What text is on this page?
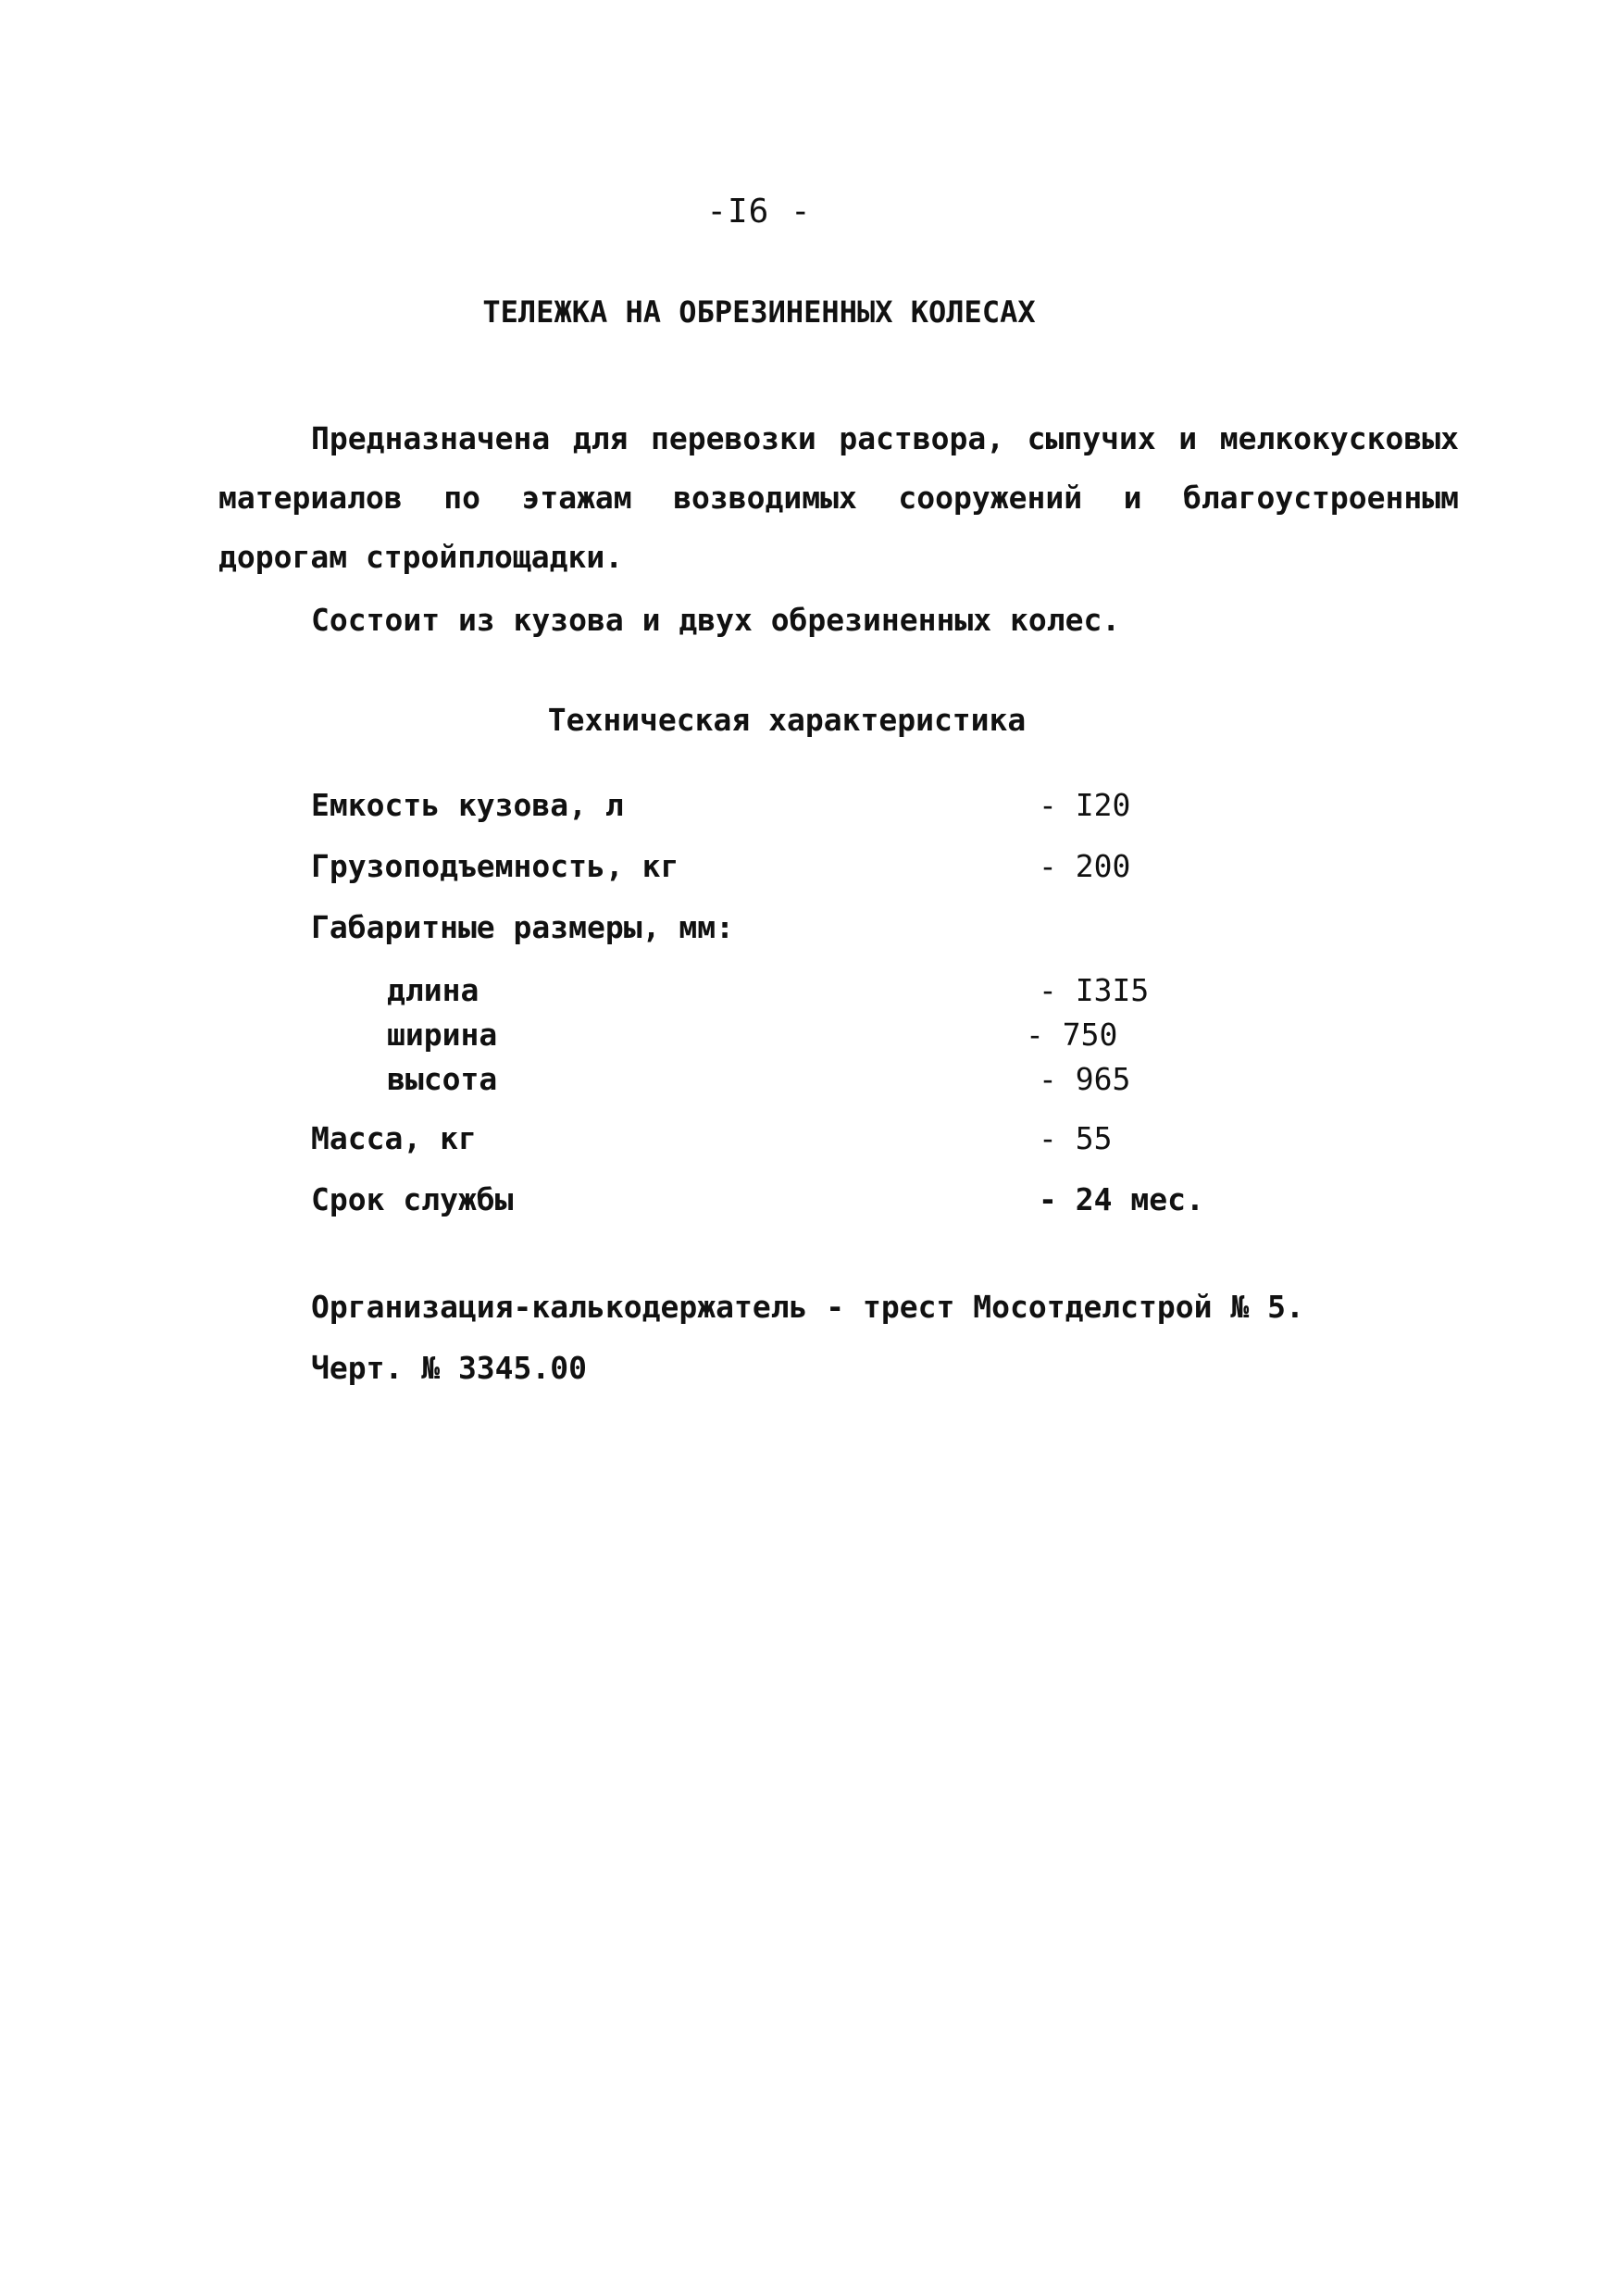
-I6 -
ТЕЛЕЖКА НА ОБРЕЗИНЕННЫХ КОЛЕСАХ
Предназначена для перевозки раствора, сыпучих и мелкокусковых материалов по этажам возводимых сооружений и благоустроенным дорогам стройплощадки.
Состоит из кузова и двух обрезиненных колес.
Техническая характеристика
Емкость кузова, л	- I20
Грузоподъемность, кг	- 200
Габаритные размеры, мм:
длина	- I3I5
ширина	- 750
высота	- 965
Масса, кг	- 55
Срок службы	- 24 мес.
Организация-калькодержатель - трест Мосотделстрой № 5.
Черт. № 3345.00
